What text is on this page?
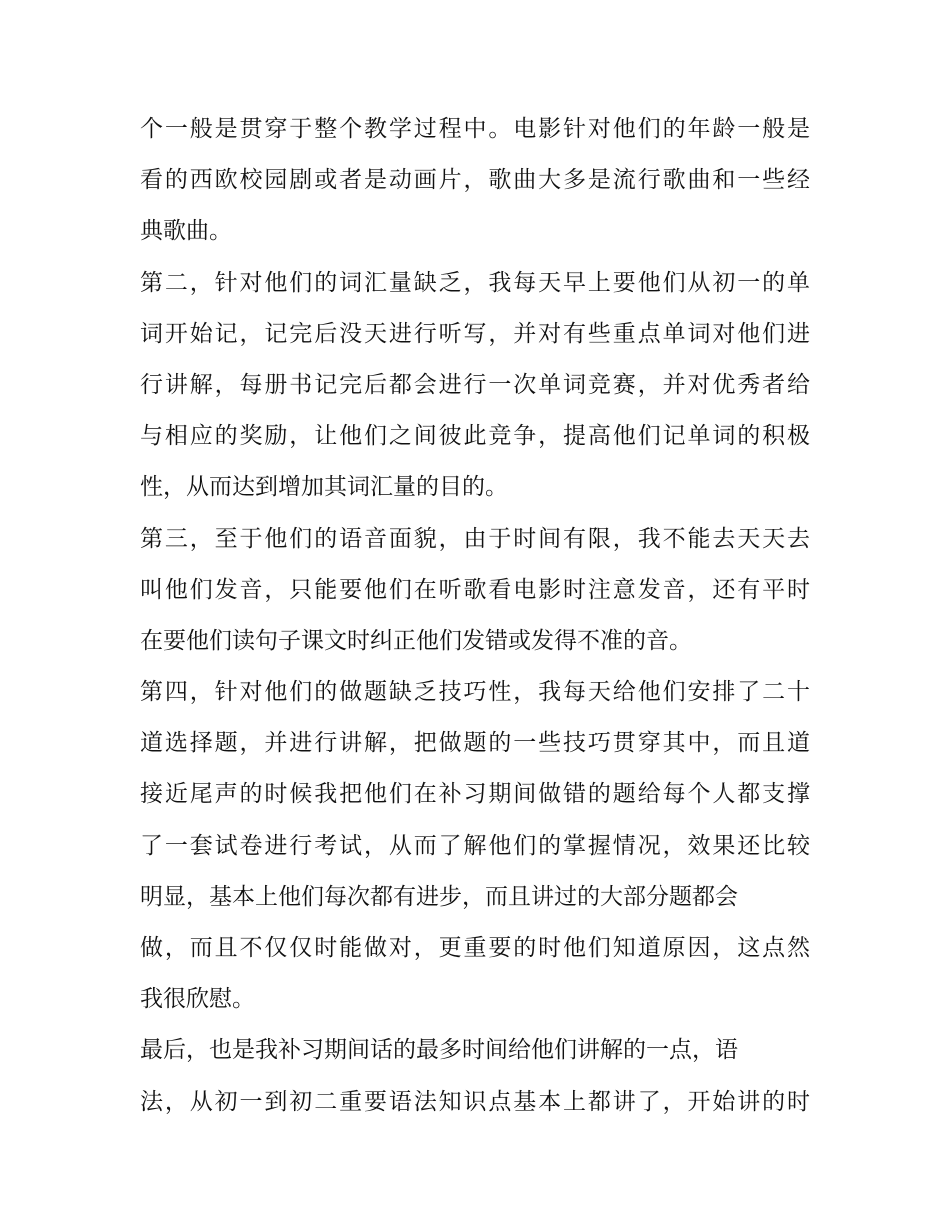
个一般是贯穿于整个教学过程中。电影针对他们的年龄一般是
看的西欧校园剧或者是动画片，歌曲大多是流行歌曲和一些经
典歌曲。
第二，针对他们的词汇量缺乏，我每天早上要他们从初一的单
词开始记，记完后没天进行听写，并对有些重点单词对他们进
行讲解，每册书记完后都会进行一次单词竞赛，并对优秀者给
与相应的奖励，让他们之间彼此竞争，提高他们记单词的积极
性，从而达到增加其词汇量的目的。
第三，至于他们的语音面貌，由于时间有限，我不能去天天去
叫他们发音，只能要他们在听歌看电影时注意发音，还有平时
在要他们读句子课文时纠正他们发错或发得不准的音。
第四，针对他们的做题缺乏技巧性，我每天给他们安排了二十
道选择题，并进行讲解，把做题的一些技巧贯穿其中，而且道
接近尾声的时候我把他们在补习期间做错的题给每个人都支撑
了一套试卷进行考试，从而了解他们的掌握情况，效果还比较
明显，基本上他们每次都有进步，而且讲过的大部分题都会
做，而且不仅仅时能做对，更重要的时他们知道原因，这点然
我很欣慰。
最后，也是我补习期间话的最多时间给他们讲解的一点，语
法，从初一到初二重要语法知识点基本上都讲了，开始讲的时
